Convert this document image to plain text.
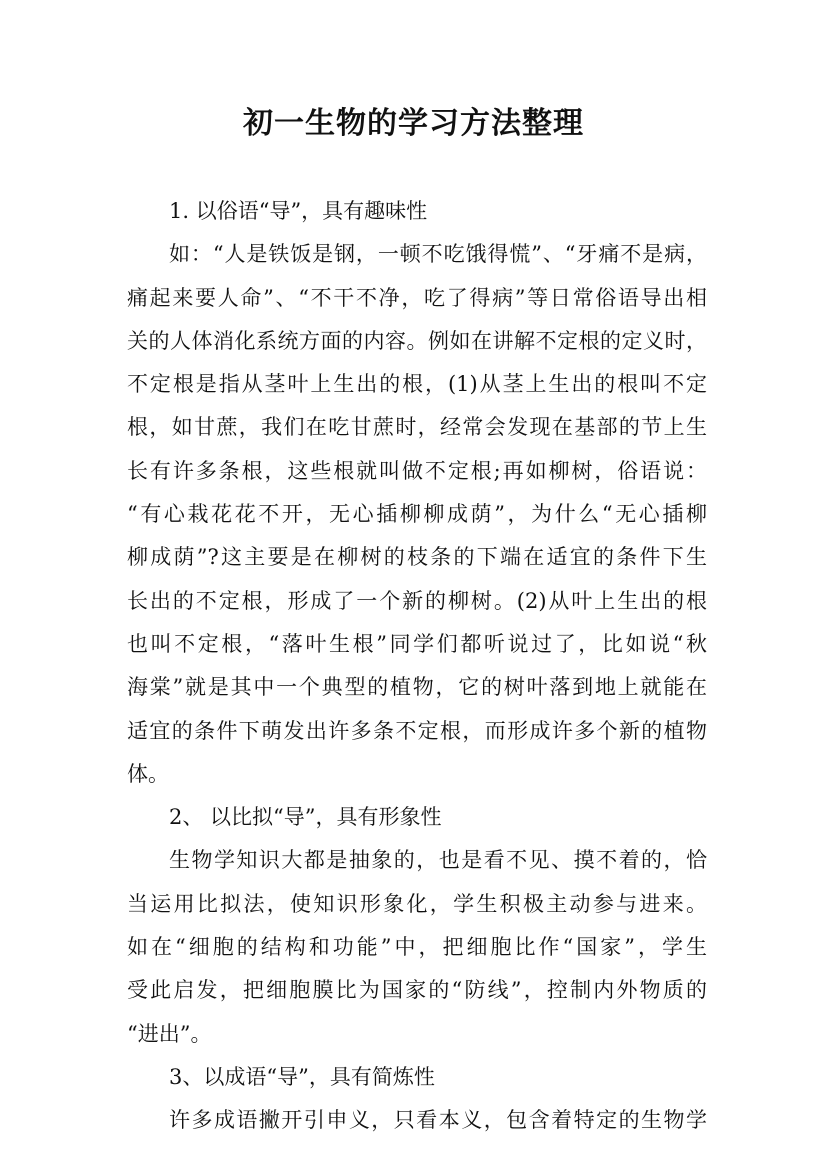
初一生物的学习方法整理
1. 以俗语“导”，具有趣味性
如：“人是铁饭是钢，一顿不吃饿得慌”、“牙痛不是病，
痛起来要人命”、“不干不净，吃了得病”等日常俗语导出相
关的人体消化系统方面的内容。例如在讲解不定根的定义时，
不定根是指从茎叶上生出的根，(1)从茎上生出的根叫不定
根，如甘蔗，我们在吃甘蔗时，经常会发现在基部的节上生
长有许多条根，这些根就叫做不定根;再如柳树，俗语说：
“有心栽花花不开，无心插柳柳成荫”，为什么“无心插柳
柳成荫”?这主要是在柳树的枝条的下端在适宜的条件下生
长出的不定根，形成了一个新的柳树。(2)从叶上生出的根
也叫不定根，“落叶生根”同学们都听说过了，比如说“秋
海棠”就是其中一个典型的植物，它的树叶落到地上就能在
适宜的条件下萌发出许多条不定根，而形成许多个新的植物
体。
2、 以比拟“导”，具有形象性
生物学知识大都是抽象的，也是看不见、摸不着的，恰
当运用比拟法，使知识形象化，学生积极主动参与进来。
如在“细胞的结构和功能”中，把细胞比作“国家”，学生
受此启发，把细胞膜比为国家的“防线”，控制内外物质的
“进出”。
3、以成语“导”，具有简炼性
许多成语撇开引申义，只看本义，包含着特定的生物学
